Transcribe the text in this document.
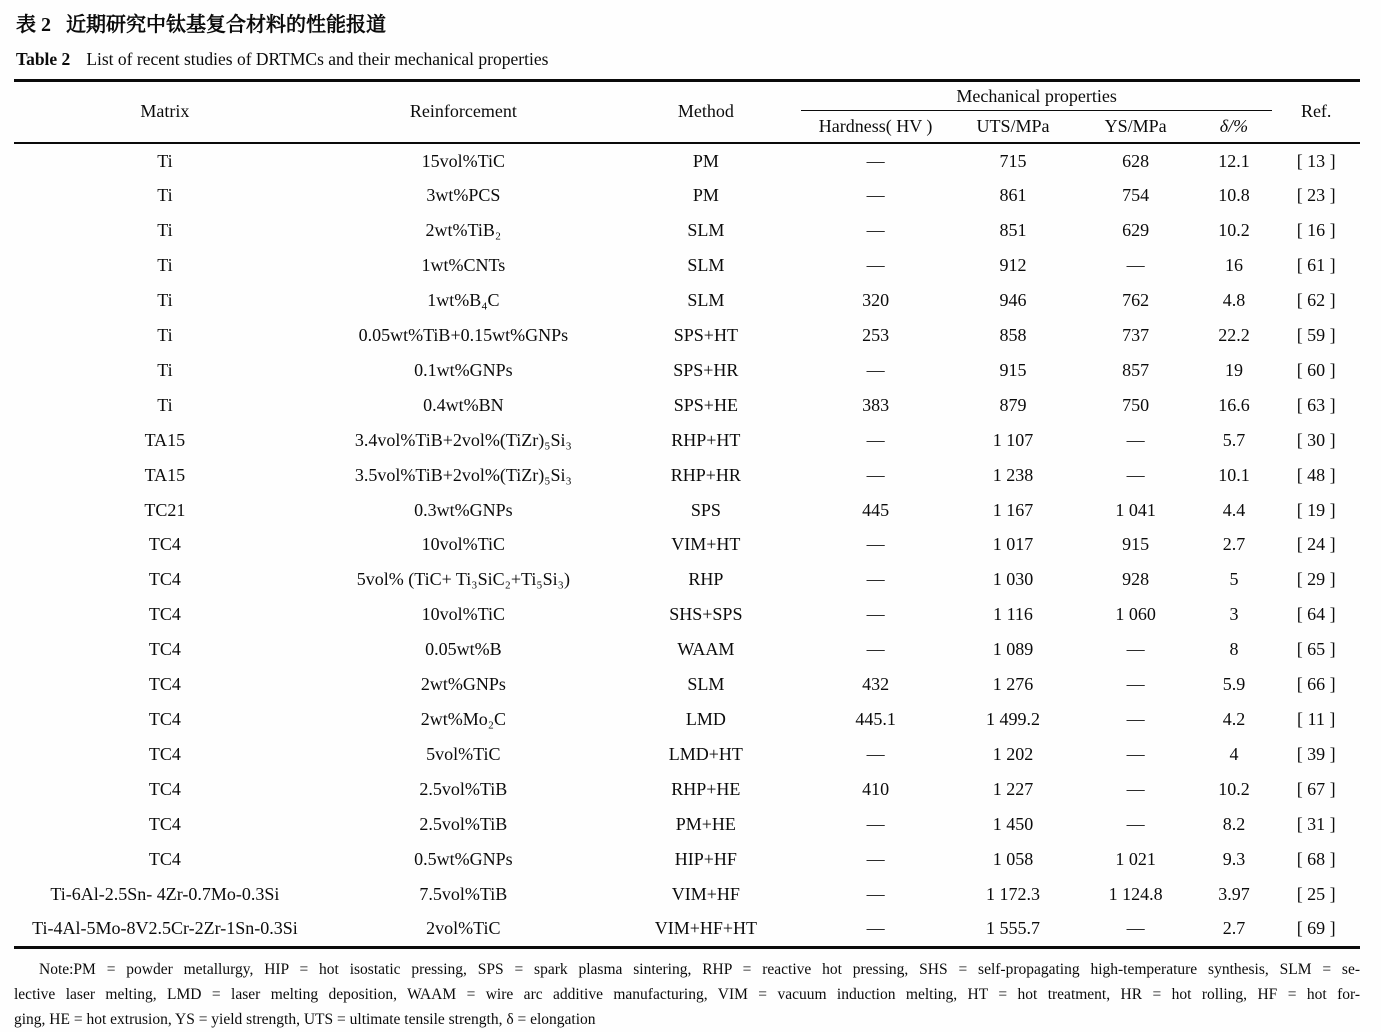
表 2 近期研究中钛基复合材料的性能报道
Table 2 List of recent studies of DRTMCs and their mechanical properties
Matrix	Reinforcement	Method	Mechanical properties				Ref.
			Hardness( HV )	UTS/MPa	YS/MPa	δ/%	
Ti	15vol%TiC	PM	—	715	628	12.1	[ 13 ]
Ti	3wt%PCS	PM	—	861	754	10.8	[ 23 ]
Ti	2wt%TiB₂	SLM	—	851	629	10.2	[ 16 ]
Ti	1wt%CNTs	SLM	—	912	—	16	[ 61 ]
Ti	1wt%B₄C	SLM	320	946	762	4.8	[ 62 ]
Ti	0.05wt%TiB+0.15wt%GNPs	SPS+HT	253	858	737	22.2	[ 59 ]
Ti	0.1wt%GNPs	SPS+HR	—	915	857	19	[ 60 ]
Ti	0.4wt%BN	SPS+HE	383	879	750	16.6	[ 63 ]
TA15	3.4vol%TiB+2vol%(TiZr)₅Si₃	RHP+HT	—	1 107	—	5.7	[ 30 ]
TA15	3.5vol%TiB+2vol%(TiZr)₅Si₃	RHP+HR	—	1 238	—	10.1	[ 48 ]
TC21	0.3wt%GNPs	SPS	445	1 167	1 041	4.4	[ 19 ]
TC4	10vol%TiC	VIM+HT	—	1 017	915	2.7	[ 24 ]
TC4	5vol% (TiC+ Ti₃SiC₂+Ti₅Si₃)	RHP	—	1 030	928	5	[ 29 ]
TC4	10vol%TiC	SHS+SPS	—	1 116	1 060	3	[ 64 ]
TC4	0.05wt%B	WAAM	—	1 089	—	8	[ 65 ]
TC4	2wt%GNPs	SLM	432	1 276	—	5.9	[ 66 ]
TC4	2wt%Mo₂C	LMD	445.1	1 499.2	—	4.2	[ 11 ]
TC4	5vol%TiC	LMD+HT	—	1 202	—	4	[ 39 ]
TC4	2.5vol%TiB	RHP+HE	410	1 227	—	10.2	[ 67 ]
TC4	2.5vol%TiB	PM+HE	—	1 450	—	8.2	[ 31 ]
TC4	0.5wt%GNPs	HIP+HF	—	1 058	1 021	9.3	[ 68 ]
Ti-6Al-2.5Sn- 4Zr-0.7Mo-0.3Si	7.5vol%TiB	VIM+HF	—	1 172.3	1 124.8	3.97	[ 25 ]
Ti-4Al-5Mo-8V2.5Cr-2Zr-1Sn-0.3Si	2vol%TiC	VIM+HF+HT	—	1 555.7	—	2.7	[ 69 ]
Note:PM = powder metallurgy, HIP = hot isostatic pressing, SPS = spark plasma sintering, RHP = reactive hot pressing, SHS = self-propagating high-temperature synthesis, SLM = se-
lective laser melting, LMD = laser melting deposition, WAAM = wire arc additive manufacturing, VIM = vacuum induction melting, HT = hot treatment, HR = hot rolling, HF = hot for-
ging, HE = hot extrusion, YS = yield strength, UTS = ultimate tensile strength, δ = elongation
